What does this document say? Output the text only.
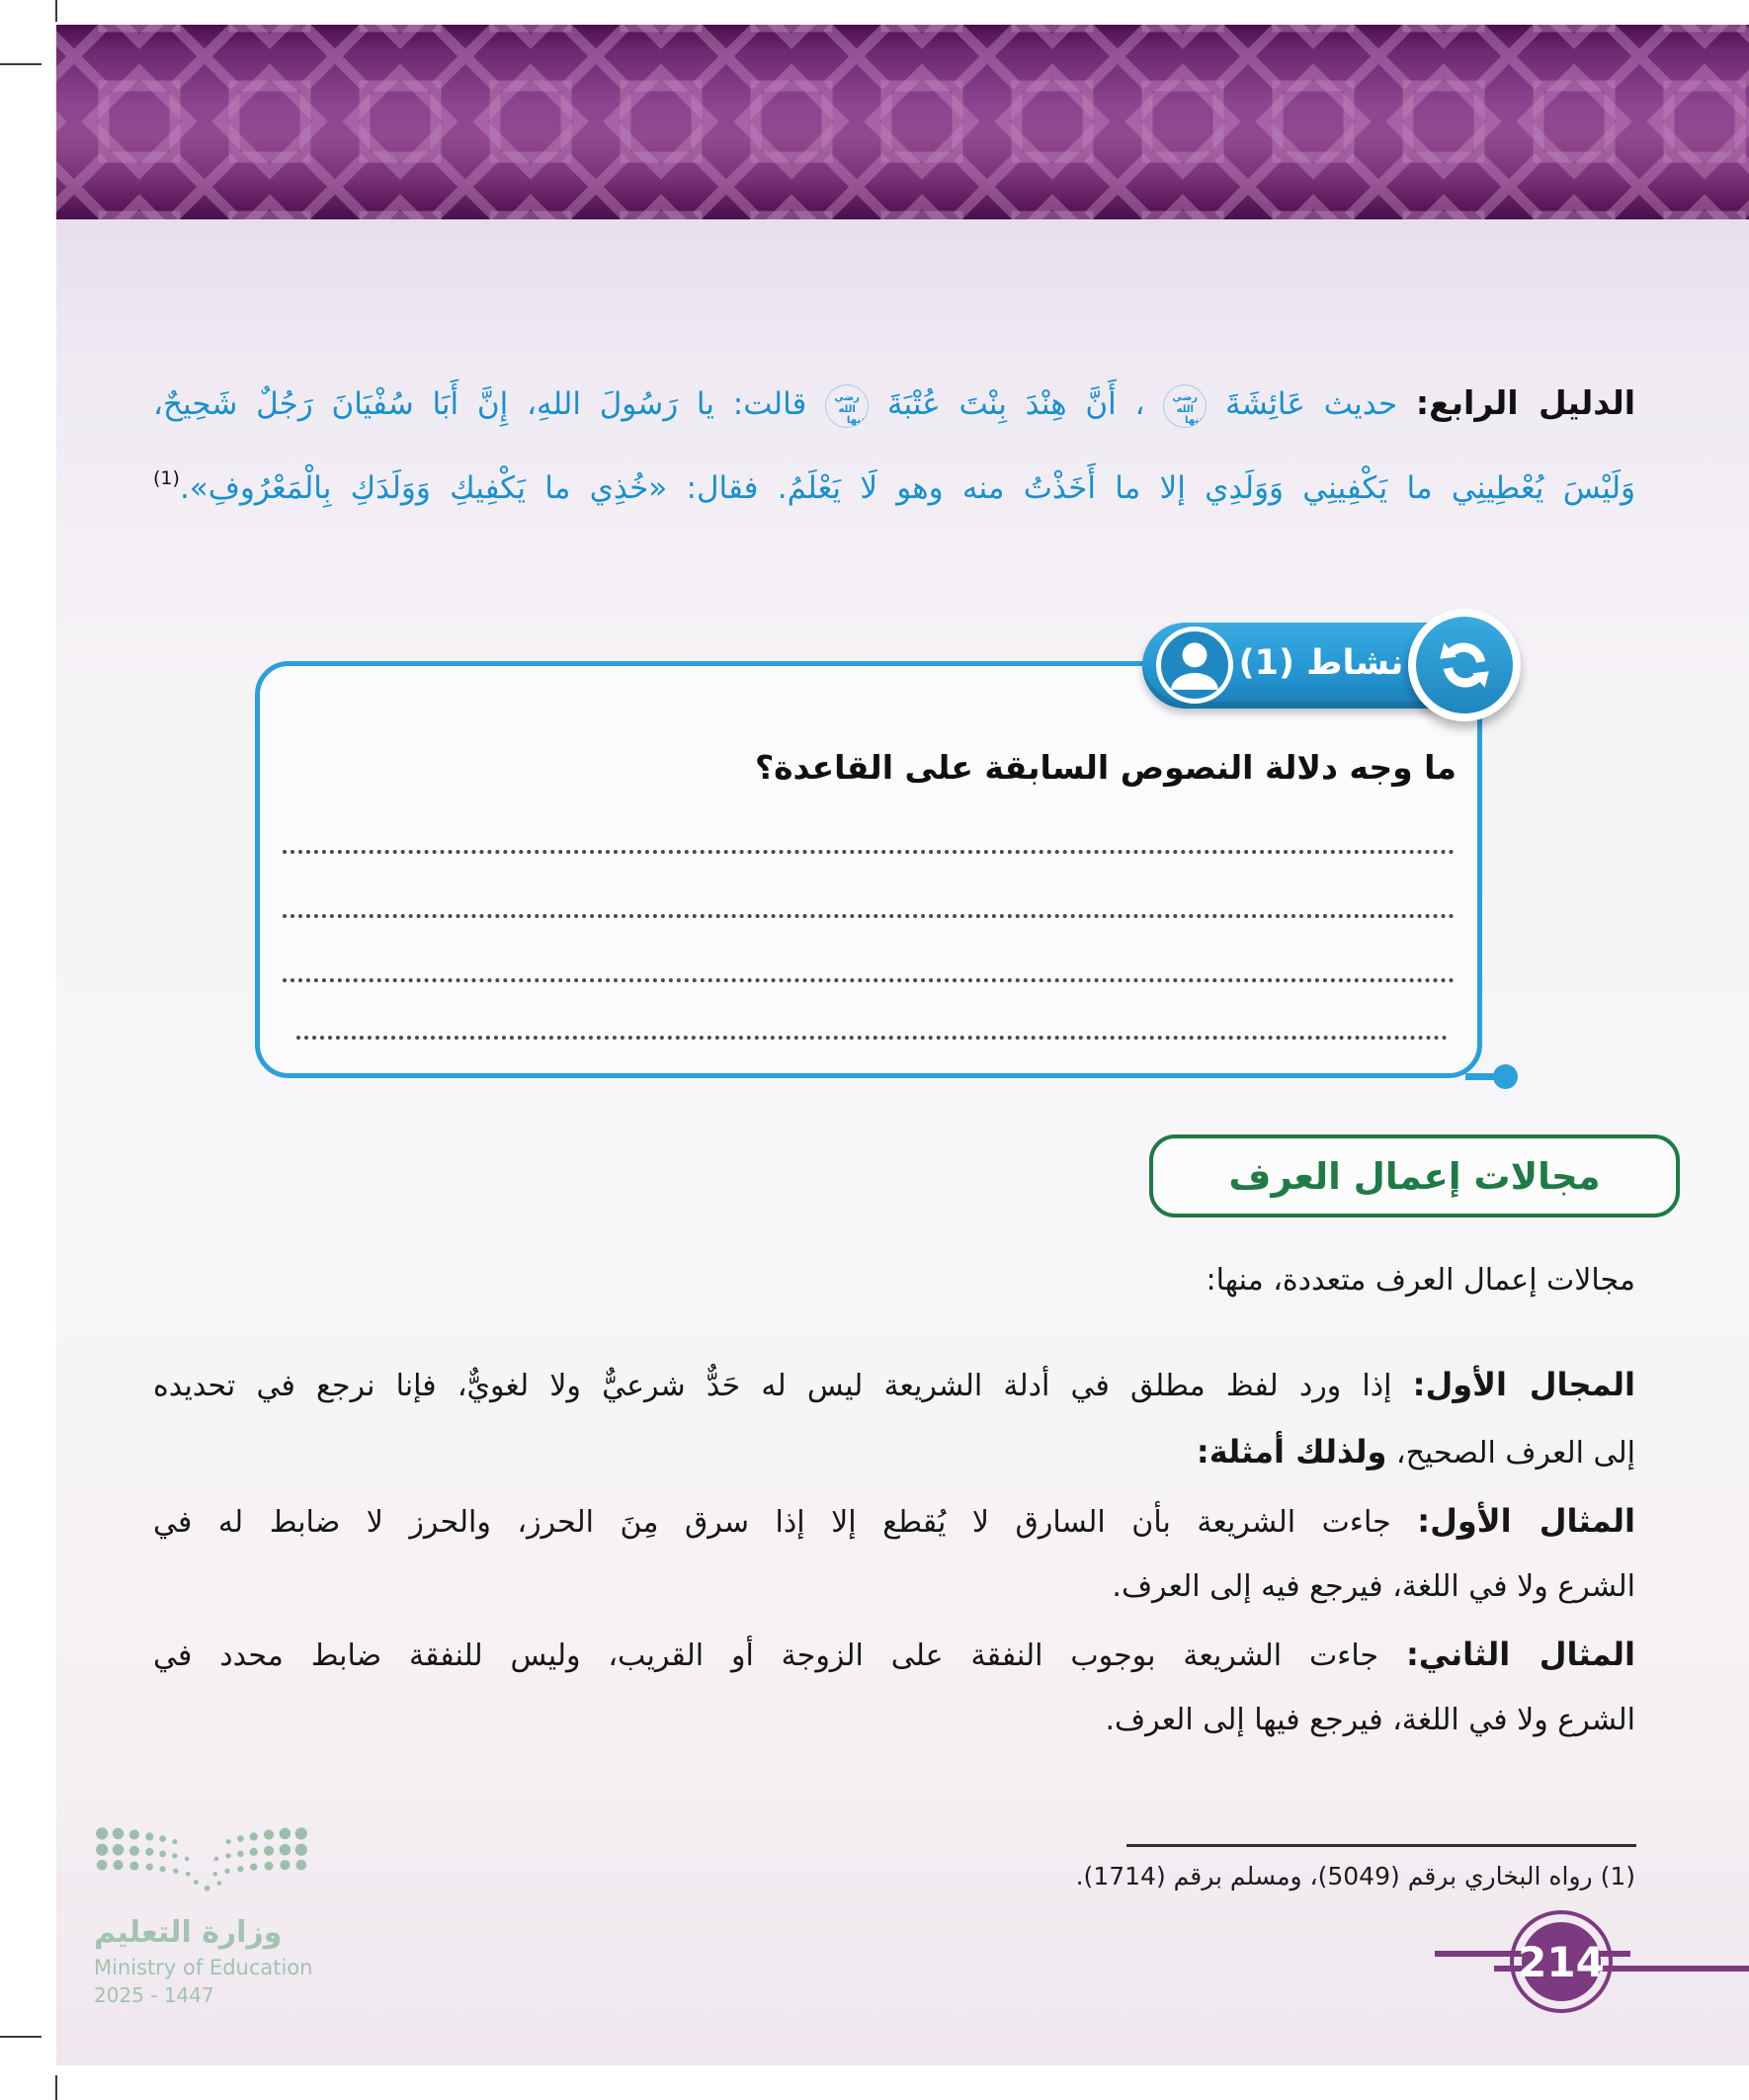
الدليل الرابع: حديث عَائِشَةَ رضي الله عنها ، أَنَّ هِنْدَ بِنْتَ عُتْبَةَ رضي الله عنها قالت: يا رَسُولَ اللهِ، إِنَّ أَبَا سُفْيَانَ رَجُلٌ شَحِيحٌ،
وَلَيْسَ يُعْطِينِي ما يَكْفِينِي وَوَلَدِي إلا ما أَخَذْتُ منه وهو لَا يَعْلَمُ. فقال: «خُذِي ما يَكْفِيكِ وَوَلَدَكِ بِالْمَعْرُوفِ».$^{(1)}$
نشاط (1)
ما وجه دلالة النصوص السابقة على القاعدة؟
مجالات إعمال العرف
مجالات إعمال العرف متعددة، منها:
المجال الأول: إذا ورد لفظ مطلق في أدلة الشريعة ليس له حَدٌّ شرعيٌّ ولا لغويٌّ، فإنا نرجع في تحديده
إلى العرف الصحيح، ولذلك أمثلة:
المثال الأول: جاءت الشريعة بأن السارق لا يُقطع إلا إذا سرق مِنَ الحرز، والحرز لا ضابط له في
الشرع ولا في اللغة، فيرجع فيه إلى العرف.
المثال الثاني: جاءت الشريعة بوجوب النفقة على الزوجة أو القريب، وليس للنفقة ضابط محدد في
الشرع ولا في اللغة، فيرجع فيها إلى العرف.
(1) رواه البخاري برقم (5049)، ومسلم برقم (1714).
وزارة التعليم
Ministry of Education
2025 - 1447
214
